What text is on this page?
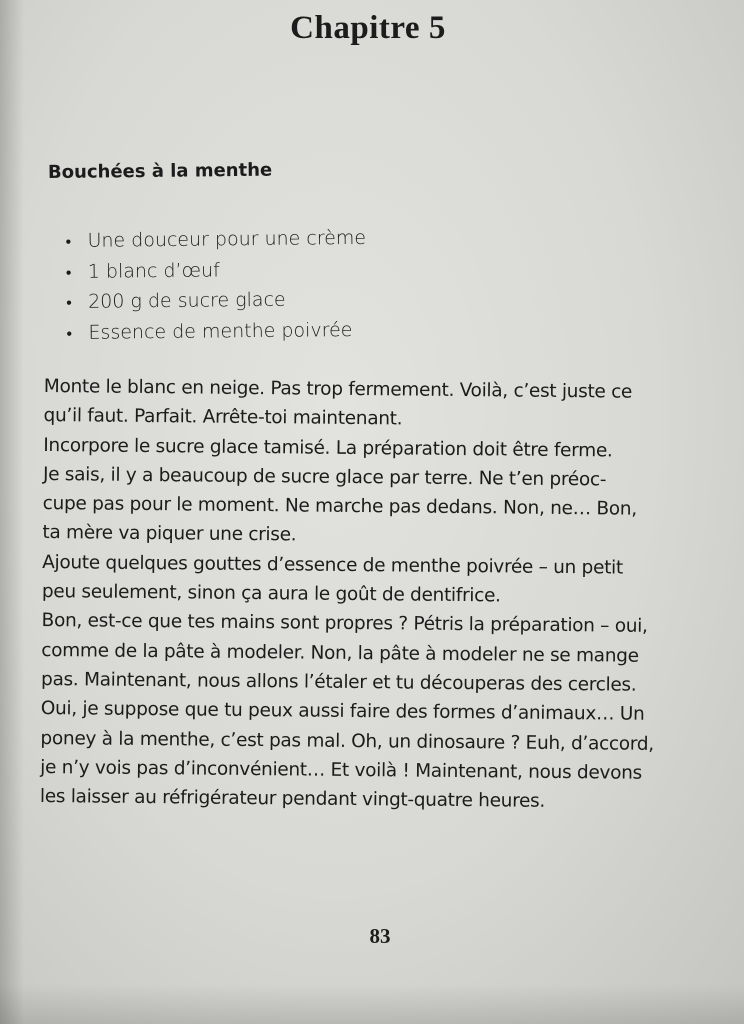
Chapitre 5
Bouchées à la menthe
• Une douceur pour une crème
• 1 blanc d’œuf
• 200 g de sucre glace
• Essence de menthe poivrée
Monte le blanc en neige. Pas trop fermement. Voilà, c’est juste ce
qu’il faut. Parfait. Arrête-toi maintenant.
Incorpore le sucre glace tamisé. La préparation doit être ferme.
Je sais, il y a beaucoup de sucre glace par terre. Ne t’en préoc-
cupe pas pour le moment. Ne marche pas dedans. Non, ne… Bon,
ta mère va piquer une crise.
Ajoute quelques gouttes d’essence de menthe poivrée – un petit
peu seulement, sinon ça aura le goût de dentifrice.
Bon, est-ce que tes mains sont propres ? Pétris la préparation – oui,
comme de la pâte à modeler. Non, la pâte à modeler ne se mange
pas. Maintenant, nous allons l’étaler et tu découperas des cercles.
Oui, je suppose que tu peux aussi faire des formes d’animaux… Un
poney à la menthe, c’est pas mal. Oh, un dinosaure ? Euh, d’accord,
je n’y vois pas d’inconvénient… Et voilà ! Maintenant, nous devons
les laisser au réfrigérateur pendant vingt-quatre heures.
83
